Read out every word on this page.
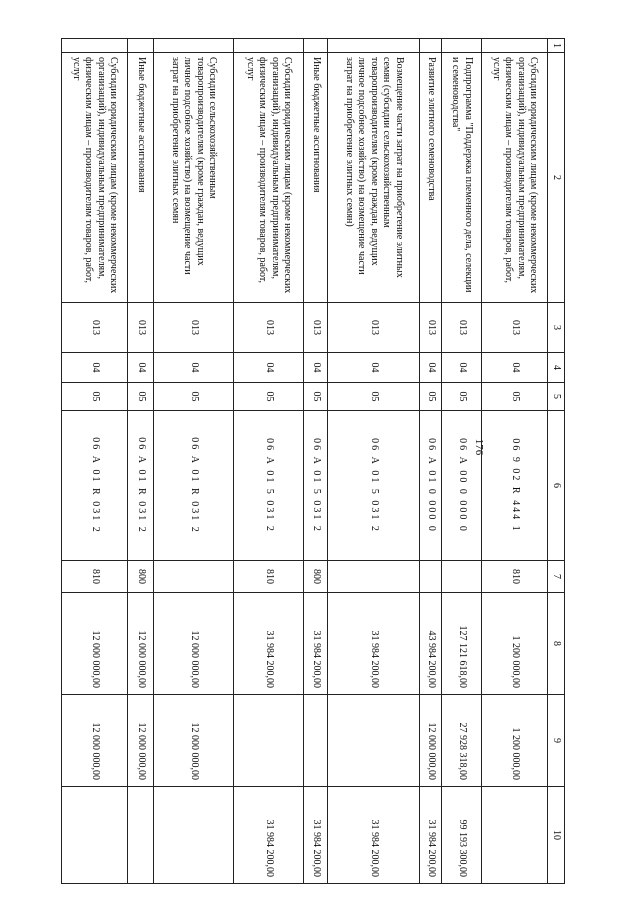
176
1	2	3	4	5	6	7	8	9	10
	Субсидии юридическим лицам (кроме некоммерческих организаций), индивидуальным предпринимателям, физическим лицам – производителям товаров, работ, услуг	013	04	05	06 9 02 R 444 1	810	1 200 000,00	1 200 000,00	
	Подпрограмма "Поддержка племенного дела, селекции и семеноводства"	013	04	05	06 А 00 0 000 0		127 121 618,00	27 928 318,00	99 193 300,00
	Развитие элитного семеноводства	013	04	05	06 А 01 0 000 0		43 984 200,00	12 000 000,00	31 984 200,00
	Возмещение части затрат на приобретение элитных семян (субсидии сельскохозяйственным товаропроизводителям (кроме граждан, ведущих личное подсобное хозяйство) на возмещение части затрат на приобретение элитных семян)	013	04	05	06 А 01 5 031 2		31 984 200,00		31 984 200,00
	Иные бюджетные ассигнования	013	04	05	06 А 01 5 031 2	800	31 984 200,00		31 984 200,00
	Субсидии юридическим лицам (кроме некоммерческих организаций), индивидуальным предпринимателям, физическим лицам – производителям товаров, работ, услуг	013	04	05	06 А 01 5 031 2	810	31 984 200,00		31 984 200,00
	Субсидии сельскохозяйственным товаропроизводителям (кроме граждан, ведущих личное подсобное хозяйство) на возмещение части затрат на приобретение элитных семян	013	04	05	06 А 01 R 031 2		12 000 000,00	12 000 000,00	
	Иные бюджетные ассигнования	013	04	05	06 А 01 R 031 2	800	12 000 000,00	12 000 000,00	
	Субсидии юридическим лицам (кроме некоммерческих организаций), индивидуальным предпринимателям, физическим лицам – производителям товаров, работ, услуг	013	04	05	06 А 01 R 031 2	810	12 000 000,00	12 000 000,00	
